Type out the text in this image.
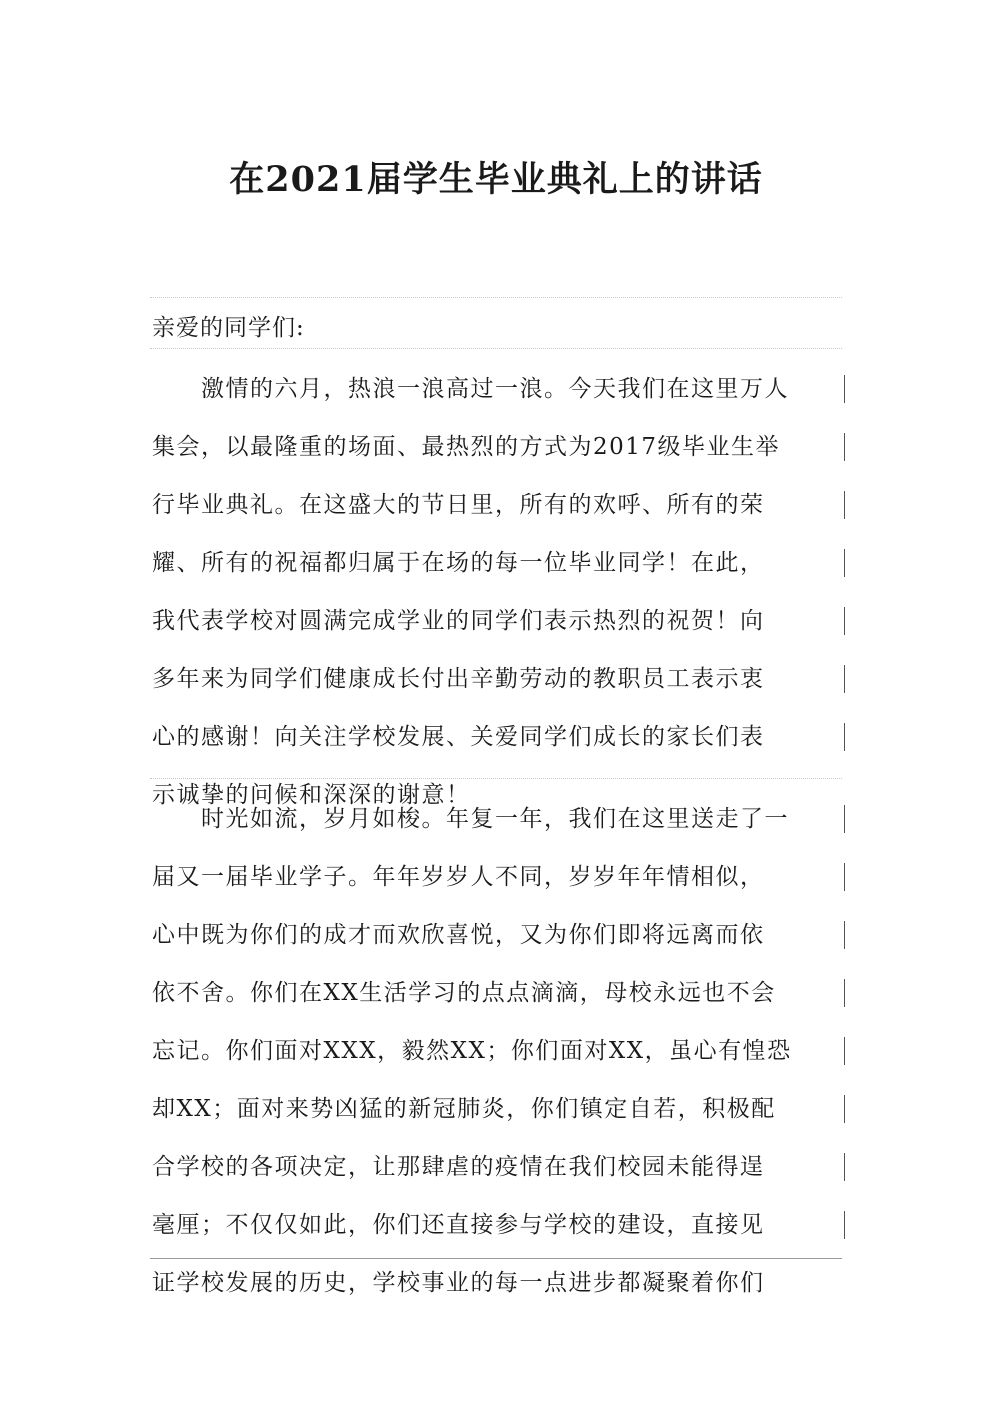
在2021届学生毕业典礼上的讲话
亲爱的同学们:
　　激情的六月，热浪一浪高过一浪。今天我们在这里万人
集会，以最隆重的场面、最热烈的方式为2017级毕业生举
行毕业典礼。在这盛大的节日里，所有的欢呼、所有的荣
耀、所有的祝福都归属于在场的每一位毕业同学！在此，
我代表学校对圆满完成学业的同学们表示热烈的祝贺！向
多年来为同学们健康成长付出辛勤劳动的教职员工表示衷
心的感谢！向关注学校发展、关爱同学们成长的家长们表
示诚挚的问候和深深的谢意！
　　时光如流，岁月如梭。年复一年，我们在这里送走了一
届又一届毕业学子。年年岁岁人不同，岁岁年年情相似，
心中既为你们的成才而欢欣喜悦，又为你们即将远离而依
依不舍。你们在XX生活学习的点点滴滴，母校永远也不会
忘记。你们面对XXX，毅然XX；你们面对XX，虽心有惶恐
却XX；面对来势凶猛的新冠肺炎，你们镇定自若，积极配
合学校的各项决定，让那肆虐的疫情在我们校园未能得逞
毫厘；不仅仅如此，你们还直接参与学校的建设，直接见
证学校发展的历史，学校事业的每一点进步都凝聚着你们
